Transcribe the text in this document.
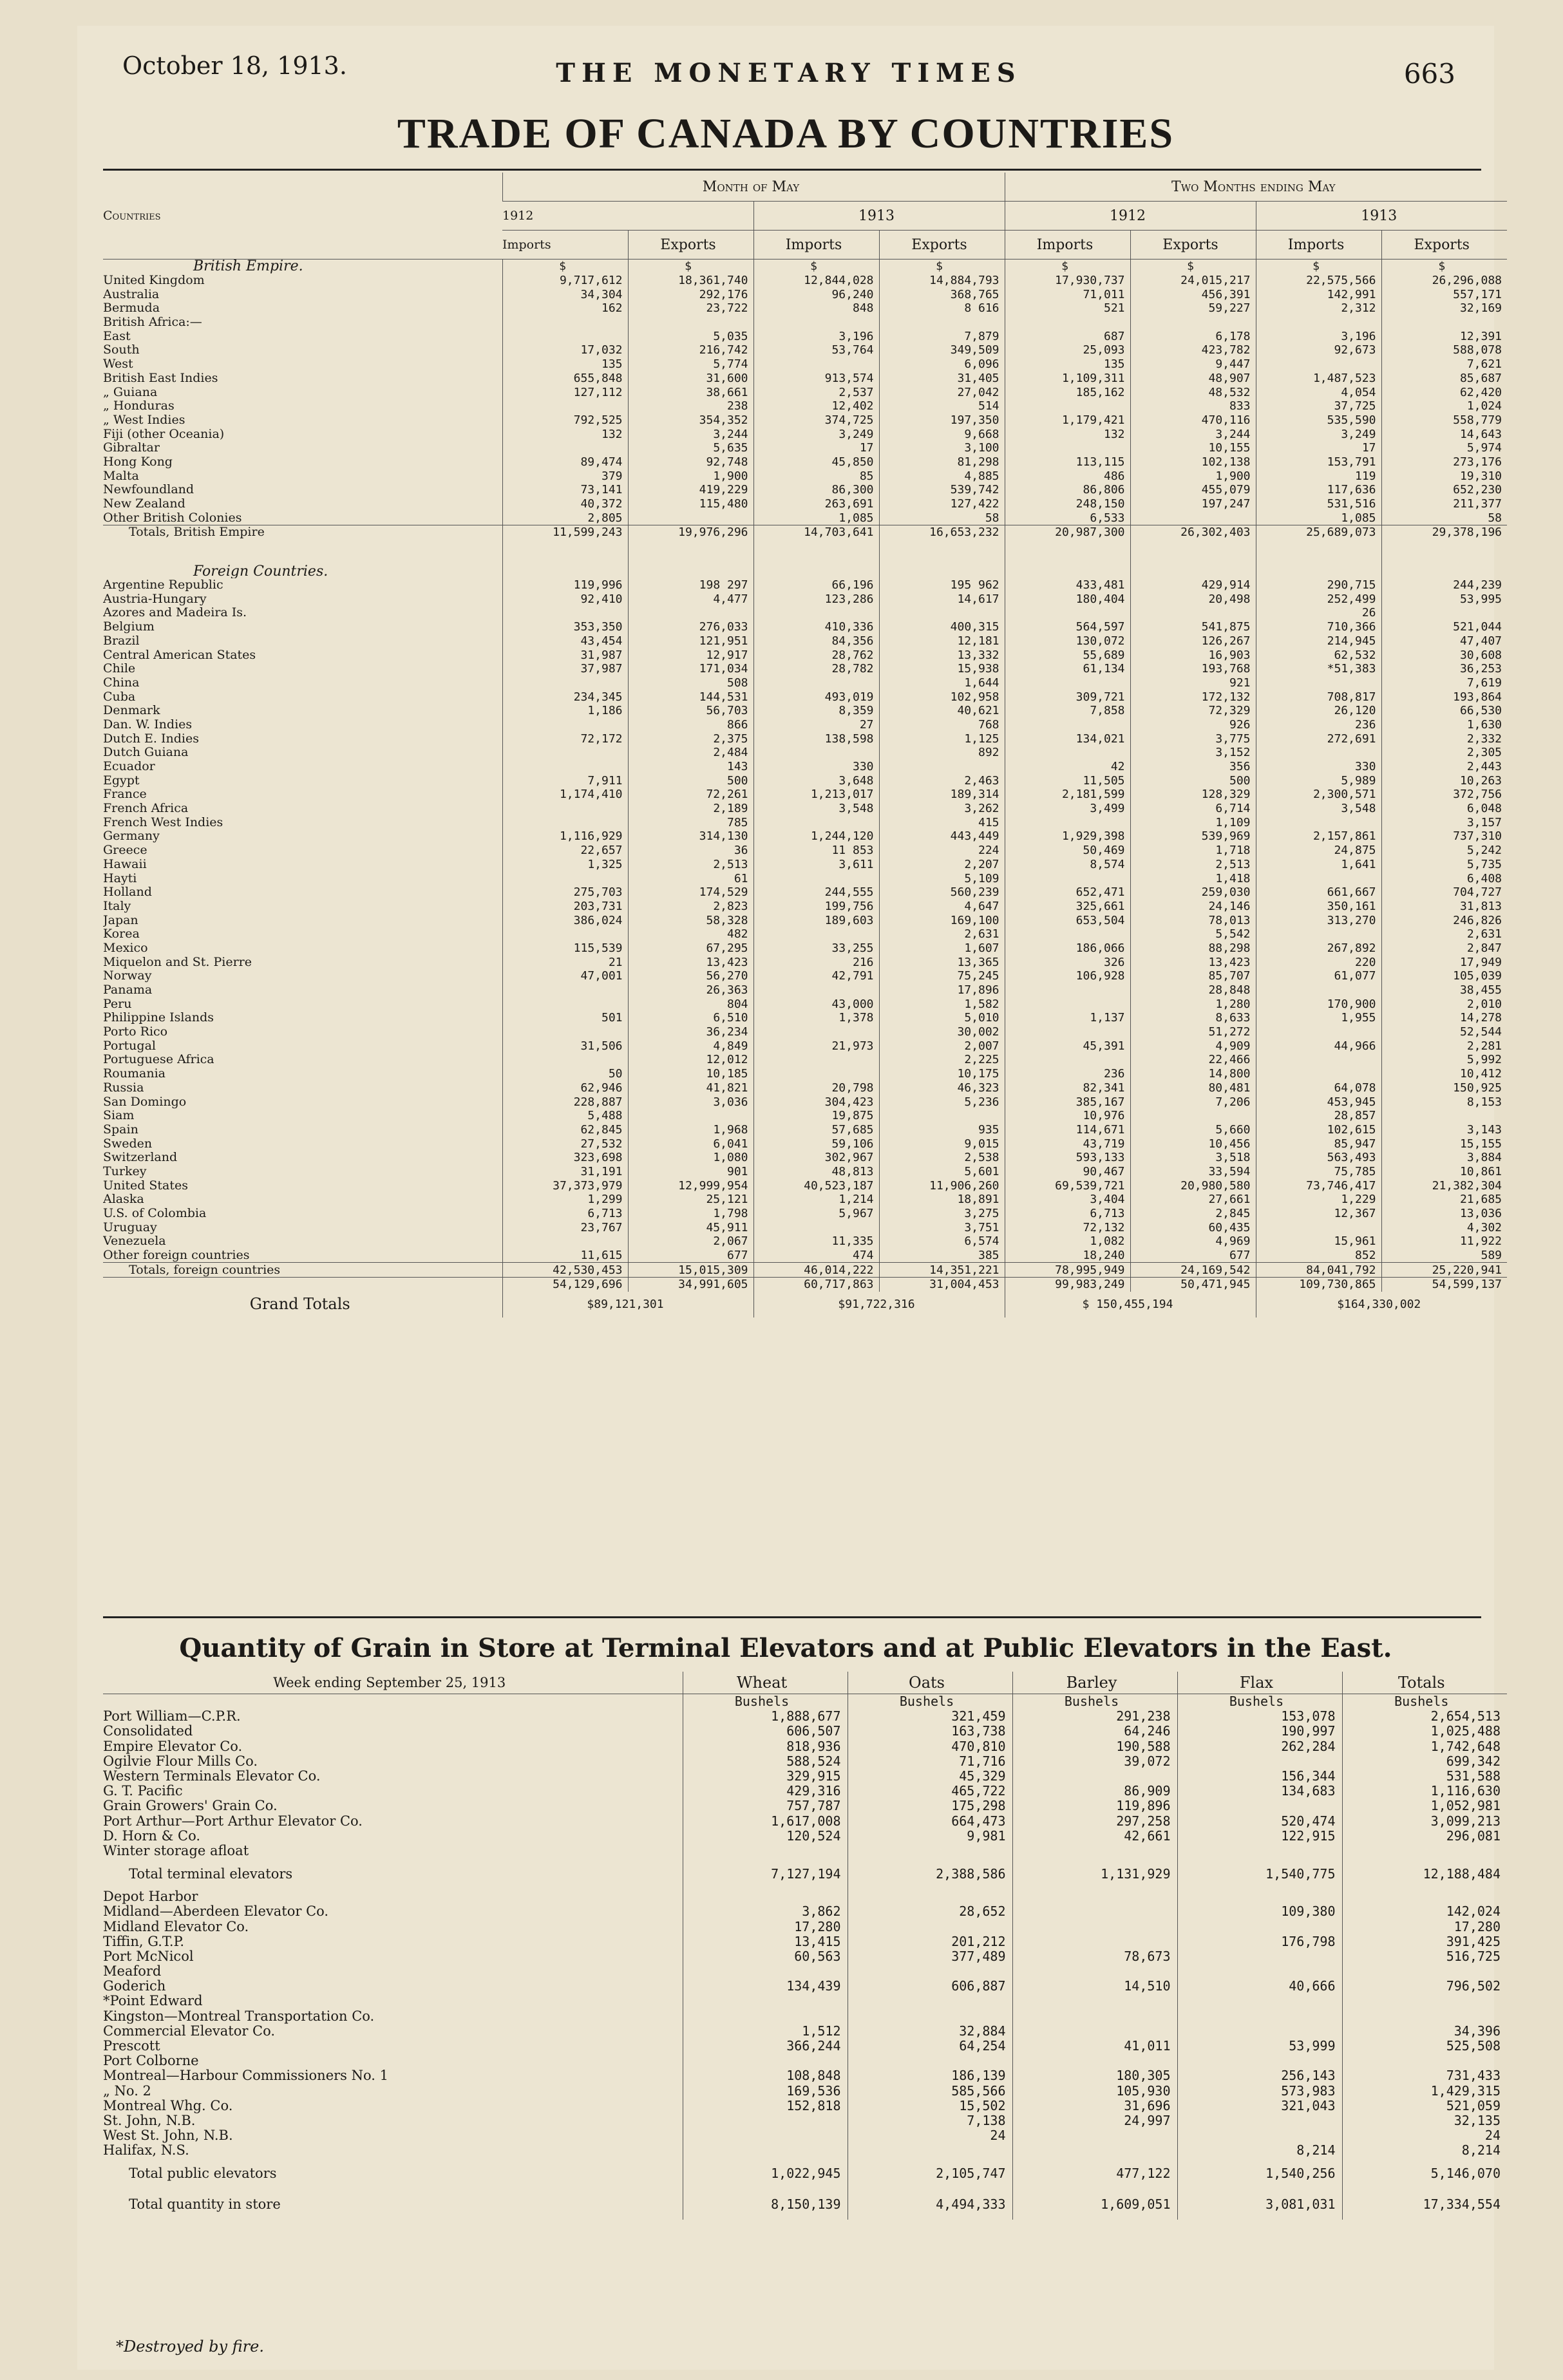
October 18, 1913.	THE MONETARY TIMES	663
TRADE OF CANADA BY COUNTRIES
Countries	Month of May				Two Months ending May			
	1912		1913		1912		1913	
	Imports	Exports	Imports	Exports	Imports	Exports	Imports	Exports
British Empire.	$	$	$	$	$	$	$	$
United Kingdom	9,717,612	18,361,740	12,844,028	14,884,793	17,930,737	24,015,217	22,575,566	26,296,088
Australia	34,304	292,176	96,240	368,765	71,011	456,391	142,991	557,171
Bermuda	162	23,722	848	8 616	521	59,227	2,312	32,169
British Africa:—								
East		5,035	3,196	7,879	687	6,178	3,196	12,391
South	17,032	216,742	53,764	349,509	25,093	423,782	92,673	588,078
West	135	5,774		6,096	135	9,447		7,621
British East Indies	655,848	31,600	913,574	31,405	1,109,311	48,907	1,487,523	85,687
„ Guiana	127,112	38,661	2,537	27,042	185,162	48,532	4,054	62,420
„ Honduras		238	12,402	514		833	37,725	1,024
„ West Indies	792,525	354,352	374,725	197,350	1,179,421	470,116	535,590	558,779
Fiji (other Oceania)	132	3,244	3,249	9,668	132	3,244	3,249	14,643
Gibraltar		5,635	17	3,100		10,155	17	5,974
Hong Kong	89,474	92,748	45,850	81,298	113,115	102,138	153,791	273,176
Malta	379	1,900	85	4,885	486	1,900	119	19,310
Newfoundland	73,141	419,229	86,300	539,742	86,806	455,079	117,636	652,230
New Zealand	40,372	115,480	263,691	127,422	248,150	197,247	531,516	211,377
Other British Colonies	2,805		1,085	58	6,533		1,085	58
Totals, British Empire	11,599,243	19,976,296	14,703,641	16,653,232	20,987,300	26,302,403	25,689,073	29,378,196
Foreign Countries.								
Argentine Republic	119,996	198 297	66,196	195 962	433,481	429,914	290,715	244,239
Austria-Hungary	92,410	4,477	123,286	14,617	180,404	20,498	252,499	53,995
Azores and Madeira Is.							26	
Belgium	353,350	276,033	410,336	400,315	564,597	541,875	710,366	521,044
Brazil	43,454	121,951	84,356	12,181	130,072	126,267	214,945	47,407
Central American States	31,987	12,917	28,762	13,332	55,689	16,903	62,532	30,608
Chile	37,987	171,034	28,782	15,938	61,134	193,768	*51,383	36,253
China		508		1,644		921		7,619
Cuba	234,345	144,531	493,019	102,958	309,721	172,132	708,817	193,864
Denmark	1,186	56,703	8,359	40,621	7,858	72,329	26,120	66,530
Dan. W. Indies		866	27	768		926	236	1,630
Dutch E. Indies	72,172	2,375	138,598	1,125	134,021	3,775	272,691	2,332
Dutch Guiana		2,484		892		3,152		2,305
Ecuador		143	330		42	356	330	2,443
Egypt	7,911	500	3,648	2,463	11,505	500	5,989	10,263
France	1,174,410	72,261	1,213,017	189,314	2,181,599	128,329	2,300,571	372,756
French Africa		2,189	3,548	3,262	3,499	6,714	3,548	6,048
French West Indies		785		415		1,109		3,157
Germany	1,116,929	314,130	1,244,120	443,449	1,929,398	539,969	2,157,861	737,310
Greece	22,657	36	11 853	224	50,469	1,718	24,875	5,242
Hawaii	1,325	2,513	3,611	2,207	8,574	2,513	1,641	5,735
Hayti		61		5,109		1,418		6,408
Holland	275,703	174,529	244,555	560,239	652,471	259,030	661,667	704,727
Italy	203,731	2,823	199,756	4,647	325,661	24,146	350,161	31,813
Japan	386,024	58,328	189,603	169,100	653,504	78,013	313,270	246,826
Korea		482		2,631		5,542		2,631
Mexico	115,539	67,295	33,255	1,607	186,066	88,298	267,892	2,847
Miquelon and St. Pierre	21	13,423	216	13,365	326	13,423	220	17,949
Norway	47,001	56,270	42,791	75,245	106,928	85,707	61,077	105,039
Panama		26,363		17,896		28,848		38,455
Peru		804	43,000	1,582		1,280	170,900	2,010
Philippine Islands	501	6,510	1,378	5,010	1,137	8,633	1,955	14,278
Porto Rico		36,234		30,002		51,272		52,544
Portugal	31,506	4,849	21,973	2,007	45,391	4,909	44,966	2,281
Portuguese Africa		12,012		2,225		22,466		5,992
Roumania	50	10,185		10,175	236	14,800		10,412
Russia	62,946	41,821	20,798	46,323	82,341	80,481	64,078	150,925
San Domingo	228,887	3,036	304,423	5,236	385,167	7,206	453,945	8,153
Siam	5,488		19,875		10,976		28,857	
Spain	62,845	1,968	57,685	935	114,671	5,660	102,615	3,143
Sweden	27,532	6,041	59,106	9,015	43,719	10,456	85,947	15,155
Switzerland	323,698	1,080	302,967	2,538	593,133	3,518	563,493	3,884
Turkey	31,191	901	48,813	5,601	90,467	33,594	75,785	10,861
United States	37,373,979	12,999,954	40,523,187	11,906,260	69,539,721	20,980,580	73,746,417	21,382,304
Alaska	1,299	25,121	1,214	18,891	3,404	27,661	1,229	21,685
U.S. of Colombia	6,713	1,798	5,967	3,275	6,713	2,845	12,367	13,036
Uruguay	23,767	45,911		3,751	72,132	60,435		4,302
Venezuela		2,067	11,335	6,574	1,082	4,969	15,961	11,922
Other foreign countries	11,615	677	474	385	18,240	677	852	589
Totals, foreign countries	42,530,453	15,015,309	46,014,222	14,351,221	78,995,949	24,169,542	84,041,792	25,220,941
	54,129,696	34,991,605	60,717,863	31,004,453	99,983,249	50,471,945	109,730,865	54,599,137
Grand Totals	$89,121,301		$91,722,316		$ 150,455,194		$164,330,002	
Quantity of Grain in Store at Terminal Elevators and at Public Elevators in the East.
Week ending September 25, 1913	Wheat	Oats	Barley	Flax	Totals
	Bushels	Bushels	Bushels	Bushels	Bushels
Port William—C.P.R.	1,888,677	321,459	291,238	153,078	2,654,513
Consolidated	606,507	163,738	64,246	190,997	1,025,488
Empire Elevator Co.	818,936	470,810	190,588	262,284	1,742,648
Ogilvie Flour Mills Co.	588,524	71,716	39,072		699,342
Western Terminals Elevator Co.	329,915	45,329		156,344	531,588
G. T. Pacific	429,316	465,722	86,909	134,683	1,116,630
Grain Growers' Grain Co.	757,787	175,298	119,896		1,052,981
Port Arthur—Port Arthur Elevator Co.	1,617,008	664,473	297,258	520,474	3,099,213
D. Horn & Co.	120,524	9,981	42,661	122,915	296,081
Winter storage afloat					
Total terminal elevators	7,127,194	2,388,586	1,131,929	1,540,775	12,188,484
Depot Harbor					
Midland—Aberdeen Elevator Co.	3,862	28,652		109,380	142,024
Midland Elevator Co.	17,280				17,280
Tiffin, G.T.P.	13,415	201,212		176,798	391,425
Port McNicol	60,563	377,489	78,673		516,725
Meaford					
Goderich	134,439	606,887	14,510	40,666	796,502
*Point Edward					
Kingston—Montreal Transportation Co.					
Commercial Elevator Co.	1,512	32,884			34,396
Prescott	366,244	64,254	41,011	53,999	525,508
Port Colborne					
Montreal—Harbour Commissioners No. 1	108,848	186,139	180,305	256,143	731,433
„ No. 2	169,536	585,566	105,930	573,983	1,429,315
Montreal Whg. Co.	152,818	15,502	31,696	321,043	521,059
St. John, N.B.		7,138	24,997		32,135
West St. John, N.B.		24			24
Halifax, N.S.				8,214	8,214
Total public elevators	1,022,945	2,105,747	477,122	1,540,256	5,146,070
Total quantity in store	8,150,139	4,494,333	1,609,051	3,081,031	17,334,554
*Destroyed by fire.
